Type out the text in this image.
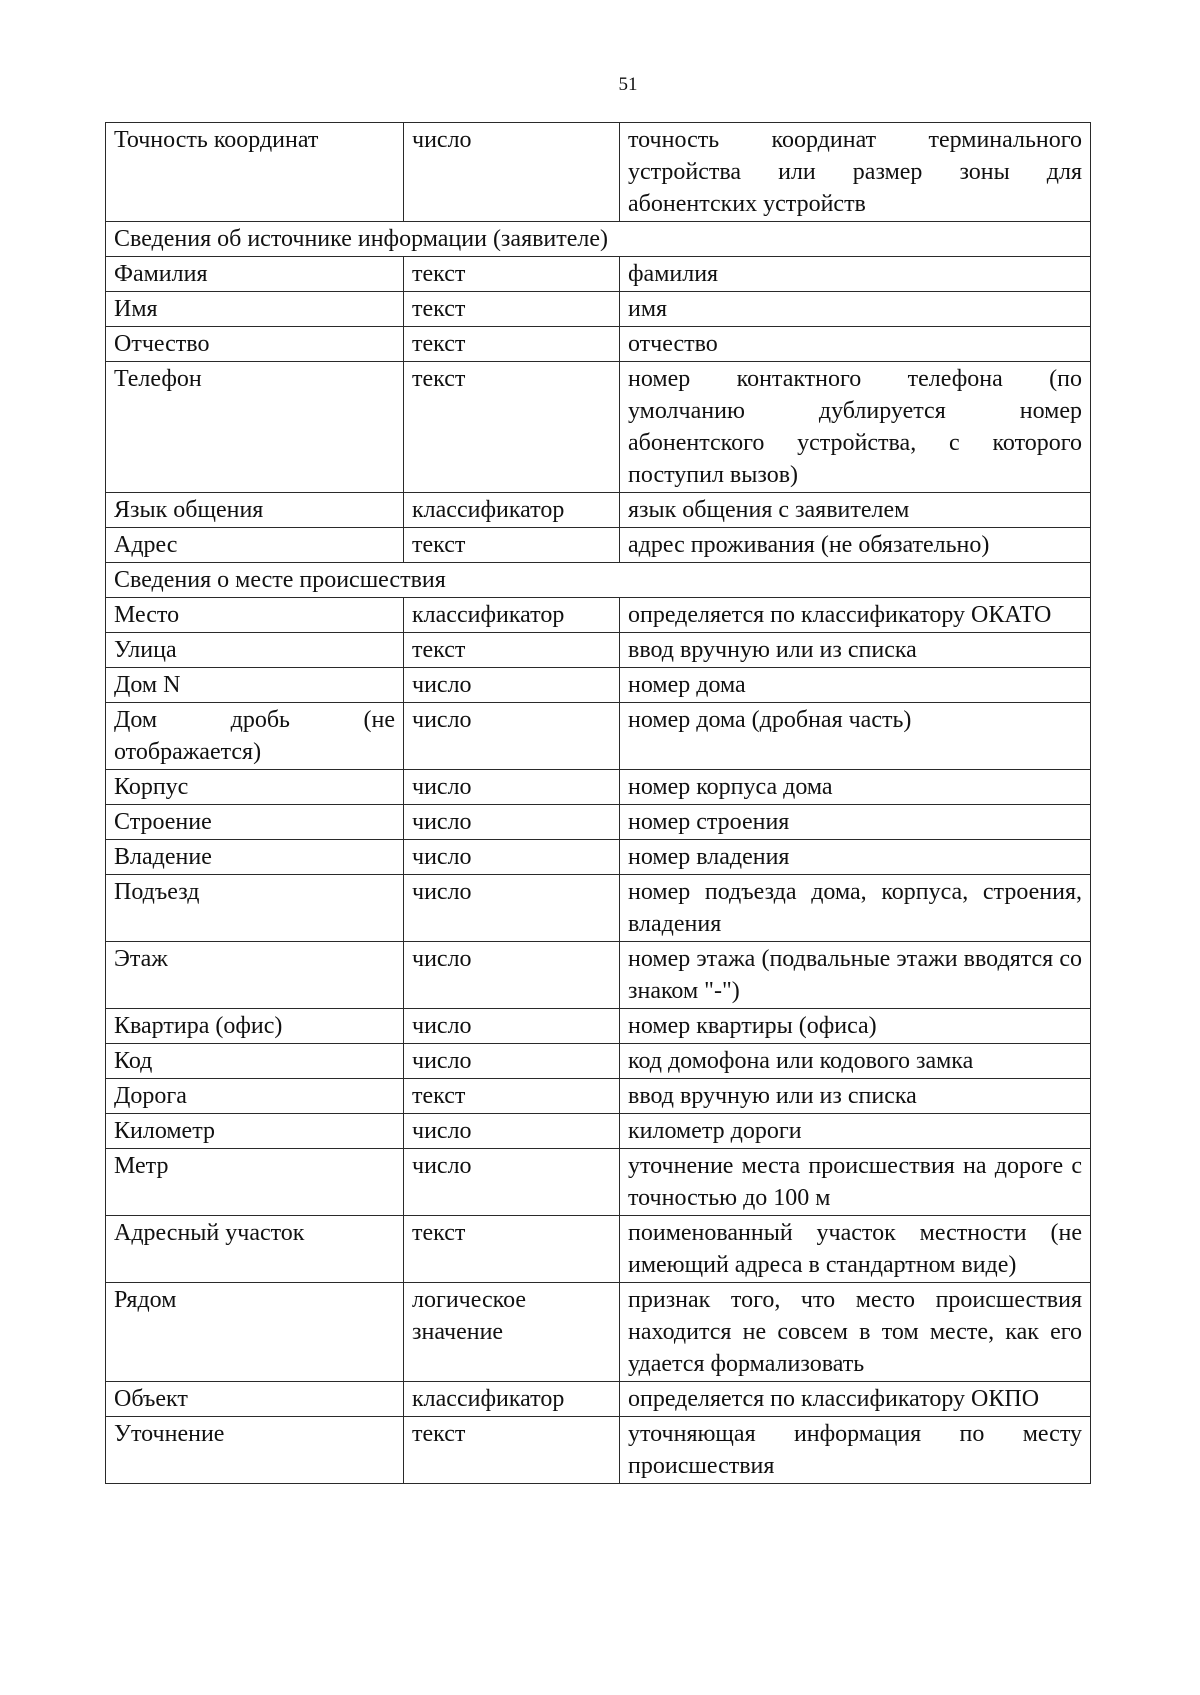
51
Точность координат	число	точность координат терминального устройства или размер зоны для абонентских устройств
Сведения об источнике информации (заявителе)		
Фамилия	текст	фамилия
Имя	текст	имя
Отчество	текст	отчество
Телефон	текст	номер контактного телефона (по умолчанию дублируется номер абонентского устройства, с которого поступил вызов)
Язык общения	классификатор	язык общения с заявителем
Адрес	текст	адрес проживания (не обязательно)
Сведения о месте происшествия		
Место	классификатор	определяется по классификатору ОКАТО
Улица	текст	ввод вручную или из списка
Дом N	число	номер дома
Дом дробь (не отображается)	число	номер дома (дробная часть)
Корпус	число	номер корпуса дома
Строение	число	номер строения
Владение	число	номер владения
Подъезд	число	номер подъезда дома, корпуса, строения, владения
Этаж	число	номер этажа (подвальные этажи вводятся со знаком "-")
Квартира (офис)	число	номер квартиры (офиса)
Код	число	код домофона или кодового замка
Дорога	текст	ввод вручную или из списка
Километр	число	километр дороги
Метр	число	уточнение места происшествия на дороге с точностью до 100 м
Адресный участок	текст	поименованный участок местности (не имеющий адреса в стандартном виде)
Рядом	логическое значение	признак того, что место происшествия находится не совсем в том месте, как его удается формализовать
Объект	классификатор	определяется по классификатору ОКПО
Уточнение	текст	уточняющая информация по месту происшествия
